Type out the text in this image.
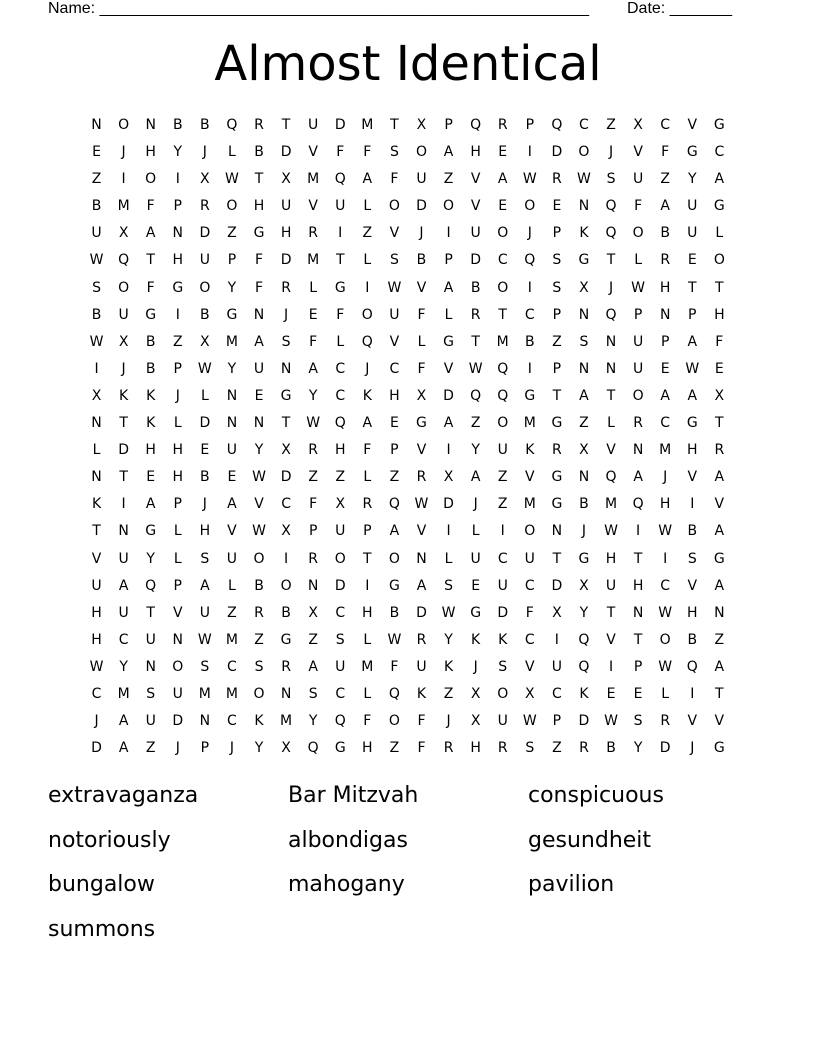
Name: _______________________________________________________ Date: _______
Almost Identical
N	O	N	B	B	Q	R	T	U	D	M	T	X	P	Q	R	P	Q	C	Z	X	C	V	G
E	J	H	Y	J	L	B	D	V	F	F	S	O	A	H	E	I	D	O	J	V	F	G	C
Z	I	O	I	X	W	T	X	M	Q	A	F	U	Z	V	A	W	R	W	S	U	Z	Y	A
B	M	F	P	R	O	H	U	V	U	L	O	D	O	V	E	O	E	N	Q	F	A	U	G
U	X	A	N	D	Z	G	H	R	I	Z	V	J	I	U	O	J	P	K	Q	O	B	U	L
W	Q	T	H	U	P	F	D	M	T	L	S	B	P	D	C	Q	S	G	T	L	R	E	O
S	O	F	G	O	Y	F	R	L	G	I	W	V	A	B	O	I	S	X	J	W	H	T	T
B	U	G	I	B	G	N	J	E	F	O	U	F	L	R	T	C	P	N	Q	P	N	P	H
W	X	B	Z	X	M	A	S	F	L	Q	V	L	G	T	M	B	Z	S	N	U	P	A	F
I	J	B	P	W	Y	U	N	A	C	J	C	F	V	W	Q	I	P	N	N	U	E	W	E
X	K	K	J	L	N	E	G	Y	C	K	H	X	D	Q	Q	G	T	A	T	O	A	A	X
N	T	K	L	D	N	N	T	W	Q	A	E	G	A	Z	O	M	G	Z	L	R	C	G	T
L	D	H	H	E	U	Y	X	R	H	F	P	V	I	Y	U	K	R	X	V	N	M	H	R
N	T	E	H	B	E	W	D	Z	Z	L	Z	R	X	A	Z	V	G	N	Q	A	J	V	A
K	I	A	P	J	A	V	C	F	X	R	Q	W	D	J	Z	M	G	B	M	Q	H	I	V
T	N	G	L	H	V	W	X	P	U	P	A	V	I	L	I	O	N	J	W	I	W	B	A
V	U	Y	L	S	U	O	I	R	O	T	O	N	L	U	C	U	T	G	H	T	I	S	G
U	A	Q	P	A	L	B	O	N	D	I	G	A	S	E	U	C	D	X	U	H	C	V	A
H	U	T	V	U	Z	R	B	X	C	H	B	D	W	G	D	F	X	Y	T	N	W	H	N
H	C	U	N	W	M	Z	G	Z	S	L	W	R	Y	K	K	C	I	Q	V	T	O	B	Z
W	Y	N	O	S	C	S	R	A	U	M	F	U	K	J	S	V	U	Q	I	P	W	Q	A
C	M	S	U	M	M	O	N	S	C	L	Q	K	Z	X	O	X	C	K	E	E	L	I	T
J	A	U	D	N	C	K	M	Y	Q	F	O	F	J	X	U	W	P	D	W	S	R	V	V
D	A	Z	J	P	J	Y	X	Q	G	H	Z	F	R	H	R	S	Z	R	B	Y	D	J	G
extravaganza	Bar Mitzvah	conspicuous
notoriously	albondigas	gesundheit
bungalow	mahogany	pavilion
summons
